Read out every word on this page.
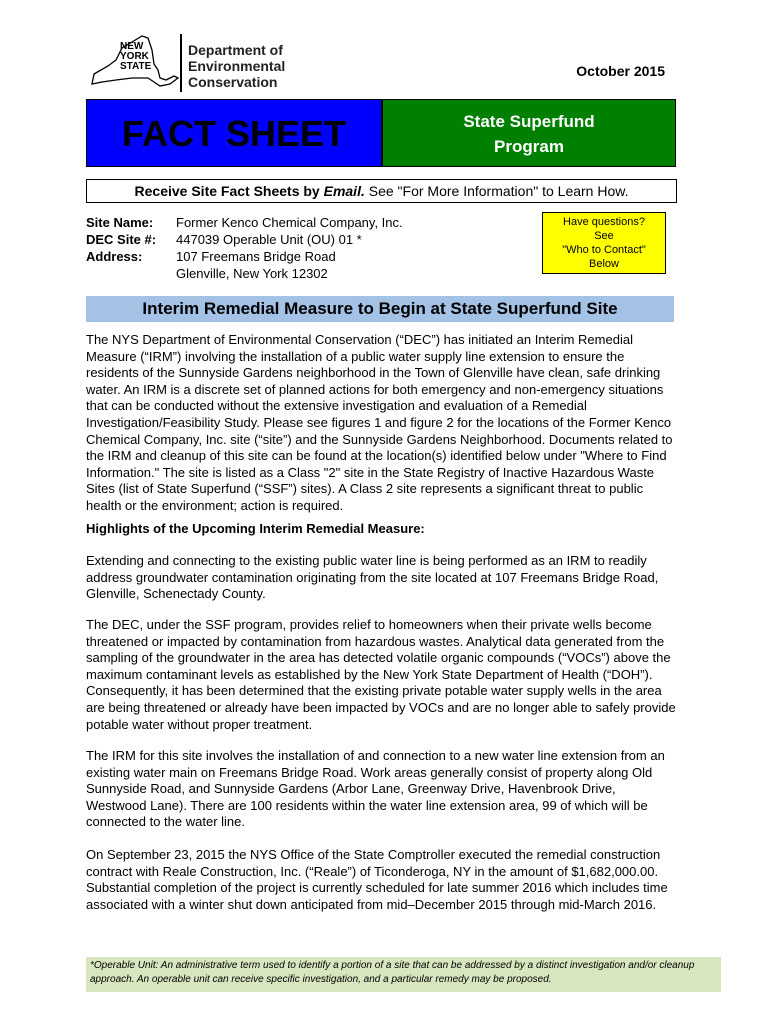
NEW
YORK
STATE
Department of
Environmental
Conservation
October 2015
FACT SHEET	State Superfund
Program
Receive Site Fact Sheets by Email. See "For More Information" to Learn How.
Site Name: Former Kenco Chemical Company, Inc.
DEC Site #: 447039 Operable Unit (OU) 01 *
Address:	107 Freemans Bridge Road
Glenville, New York 12302
Have questions?
See
"Who to Contact"
Below
Interim Remedial Measure to Begin at State Superfund Site

The NYS Department of Environmental Conservation (“DEC”) has initiated an Interim Remedial Measure (“IRM”) involving the installation of a public water supply line extension to ensure the residents of the Sunnyside Gardens neighborhood in the Town of Glenville have clean, safe drinking water. An IRM is a discrete set of planned actions for both emergency and non-emergency situations that can be conducted without the extensive investigation and evaluation of a Remedial Investigation/Feasibility Study. Please see figures 1 and figure 2 for the locations of the Former Kenco Chemical Company, Inc. site (“site”) and the Sunnyside Gardens Neighborhood. Documents related to the IRM and cleanup of this site can be found at the location(s) identified below under "Where to Find Information." The site is listed as a Class "2" site in the State Registry of Inactive Hazardous Waste Sites (list of State Superfund (“SSF”) sites). A Class 2 site represents a significant threat to public health or the environment; action is required.

Highlights of the Upcoming Interim Remedial Measure:

Extending and connecting to the existing public water line is being performed as an IRM to readily address groundwater contamination originating from the site located at 107 Freemans Bridge Road, Glenville, Schenectady County.

The DEC, under the SSF program, provides relief to homeowners when their private wells become threatened or impacted by contamination from hazardous wastes. Analytical data generated from the sampling of the groundwater in the area has detected volatile organic compounds (“VOCs”) above the maximum contaminant levels as established by the New York State Department of Health (“DOH”). Consequently, it has been determined that the existing private potable water supply wells in the area are being threatened or already have been impacted by VOCs and are no longer able to safely provide potable water without proper treatment.

The IRM for this site involves the installation of and connection to a new water line extension from an existing water main on Freemans Bridge Road. Work areas generally consist of property along Old Sunnyside Road, and Sunnyside Gardens (Arbor Lane, Greenway Drive, Havenbrook Drive, Westwood Lane). There are 100 residents within the water line extension area, 99 of which will be connected to the water line.

On September 23, 2015 the NYS Office of the State Comptroller executed the remedial construction contract with Reale Construction, Inc. (“Reale”) of Ticonderoga, NY in the amount of $1,682,000.00. Substantial completion of the project is currently scheduled for late summer 2016 which includes time associated with a winter shut down anticipated from mid–December 2015 through mid-March 2016.

*Operable Unit: An administrative term used to identify a portion of a site that can be addressed by a distinct investigation and/or cleanup approach. An operable unit can receive specific investigation, and a particular remedy may be proposed.
